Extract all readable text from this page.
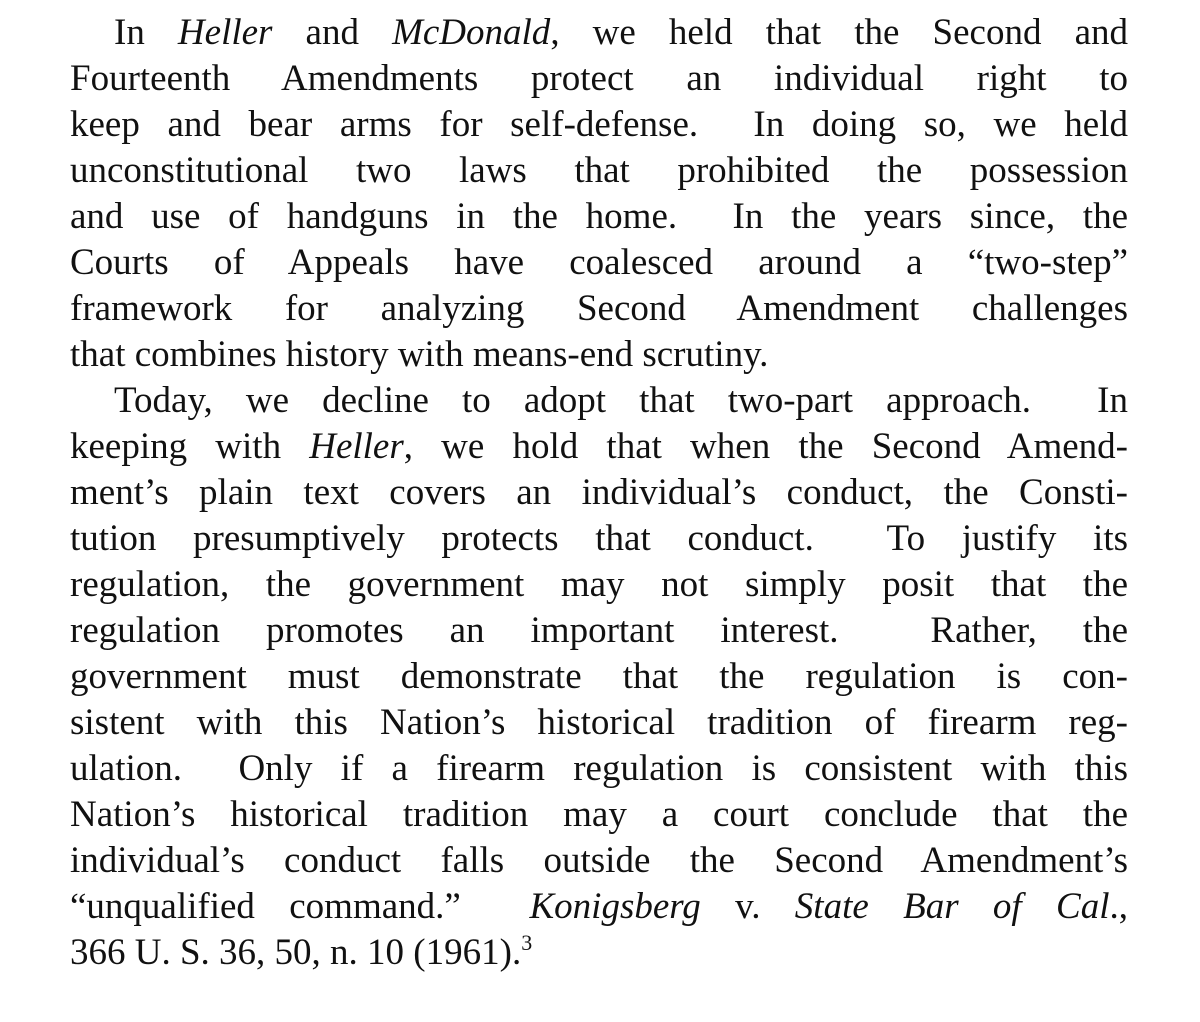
In Heller and McDonald, we held that the Second and
Fourteenth Amendments protect an individual right to
keep and bear arms for self-defense.  In doing so, we held
unconstitutional two laws that prohibited the possession
and use of handguns in the home.  In the years since, the
Courts of Appeals have coalesced around a “two-step”
framework for analyzing Second Amendment challenges
that combines history with means-end scrutiny.
Today, we decline to adopt that two-part approach.  In
keeping with Heller, we hold that when the Second Amend-
ment’s plain text covers an individual’s conduct, the Consti-
tution presumptively protects that conduct.  To justify its
regulation, the government may not simply posit that the
regulation promotes an important interest.  Rather, the
government must demonstrate that the regulation is con-
sistent with this Nation’s historical tradition of firearm reg-
ulation.  Only if a firearm regulation is consistent with this
Nation’s historical tradition may a court conclude that the
individual’s conduct falls outside the Second Amendment’s
“unqualified command.”  Konigsberg v. State Bar of Cal.,
366 U. S. 36, 50, n. 10 (1961).$^3$
